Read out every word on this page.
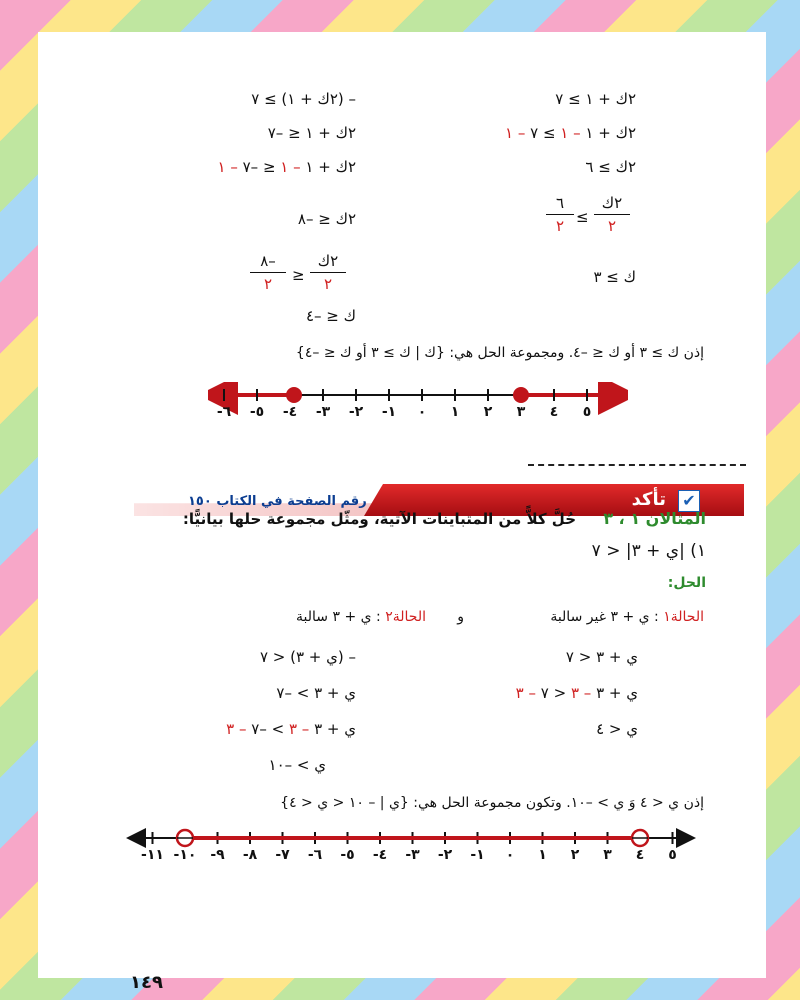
– (٢ك + ١) ≥ ٧
٢ك + ١ ≤ –٧
٢ك + ١ – ١ ≤ –٧ – ١
٢ك ≤ –٨
٢ك
٢
≤
–٨
٢
ك ≤ –٤
٢ك + ١ ≥ ٧
٢ك + ١ – ١ ≥ ٧ – ١
٢ك ≥ ٦
٢ك
٢
≥
٦
٢
ك ≥ ٣
إذن ك ≥ ٣ أو ك ≤ –٤. ومجموعة الحل هي: {ك | ك ≥ ٣ أو ك ≤ –٤}
٥
٤
٣
٢
١
٠
١-
٢-
٣-
٤-
٥-
٦-
✔
تأكد
رقم الصفحة في الكتاب ١٥٠
المثالان ١ ، ٣
حُلَّ كلاًّ من المتباينات الآتية، ومثّل مجموعة حلها بيانيًّا:
١) |ي + ٣| < ٧
الحل:
الحالة١ : ي + ٣ غير سالبة
و
الحالة٢ : ي + ٣ سالبة
ي + ٣ < ٧
ي + ٣ – ٣ < ٧ – ٣
ي < ٤
– (ي + ٣) < ٧
ي + ٣ > –٧
ي + ٣ – ٣ > –٧ – ٣
ي > –١٠
إذن ي < ٤ وَ ي > –١٠. وتكون مجموعة الحل هي: {ي | – ١٠ < ي < ٤}
٥
٤
٣
٢
١
٠
١-
٢-
٣-
٤-
٥-
٦-
٧-
٨-
٩-
١٠-
١١-
١٤٩
